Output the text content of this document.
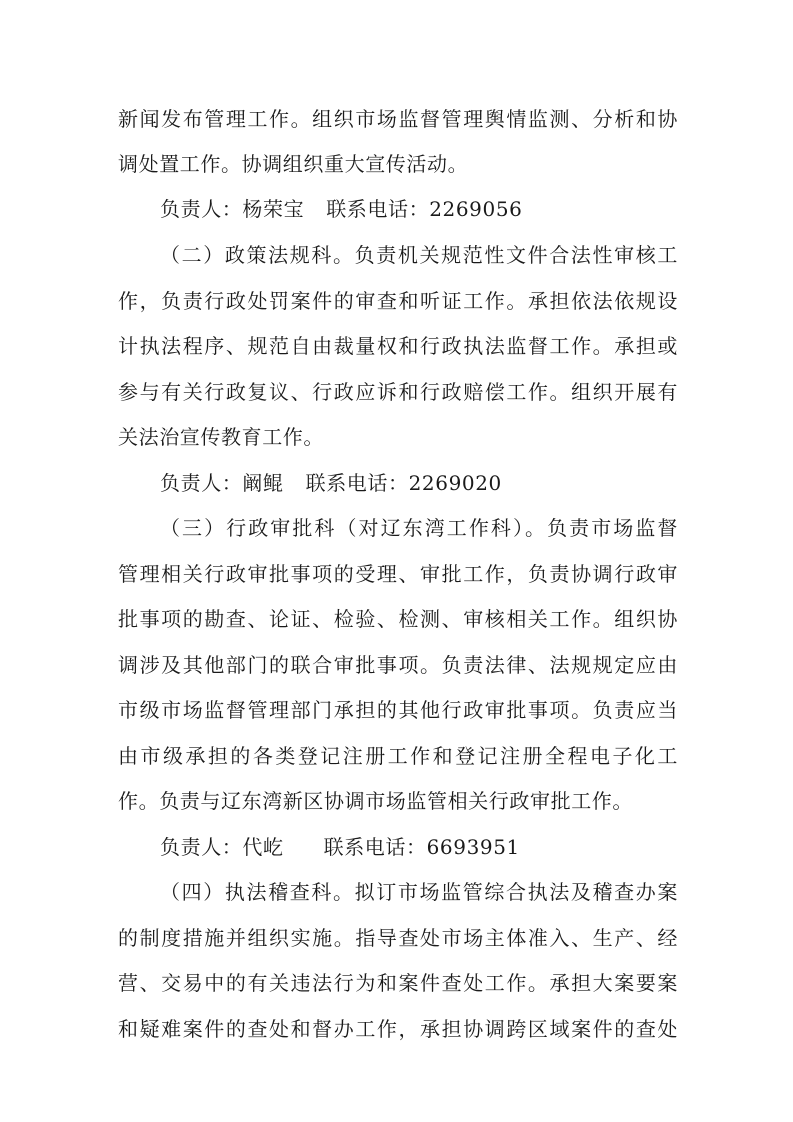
新闻发布管理工作。组织市场监督管理舆情监测、分析和协
调处置工作。协调组织重大宣传活动。
负责人：杨荣宝 联系电话：2269056
（二）政策法规科。负责机关规范性文件合法性审核工
作，负责行政处罚案件的审查和听证工作。承担依法依规设
计执法程序、规范自由裁量权和行政执法监督工作。承担或
参与有关行政复议、行政应诉和行政赔偿工作。组织开展有
关法治宣传教育工作。
负责人：阚鲲 联系电话：2269020
（三）行政审批科（对辽东湾工作科）。负责市场监督
管理相关行政审批事项的受理、审批工作，负责协调行政审
批事项的勘查、论证、检验、检测、审核相关工作。组织协
调涉及其他部门的联合审批事项。负责法律、法规规定应由
市级市场监督管理部门承担的其他行政审批事项。负责应当
由市级承担的各类登记注册工作和登记注册全程电子化工
作。负责与辽东湾新区协调市场监管相关行政审批工作。
负责人：代屹 联系电话：6693951
（四）执法稽查科。拟订市场监管综合执法及稽查办案
的制度措施并组织实施。指导查处市场主体准入、生产、经
营、交易中的有关违法行为和案件查处工作。承担大案要案
和疑难案件的查处和督办工作，承担协调跨区域案件的查处
